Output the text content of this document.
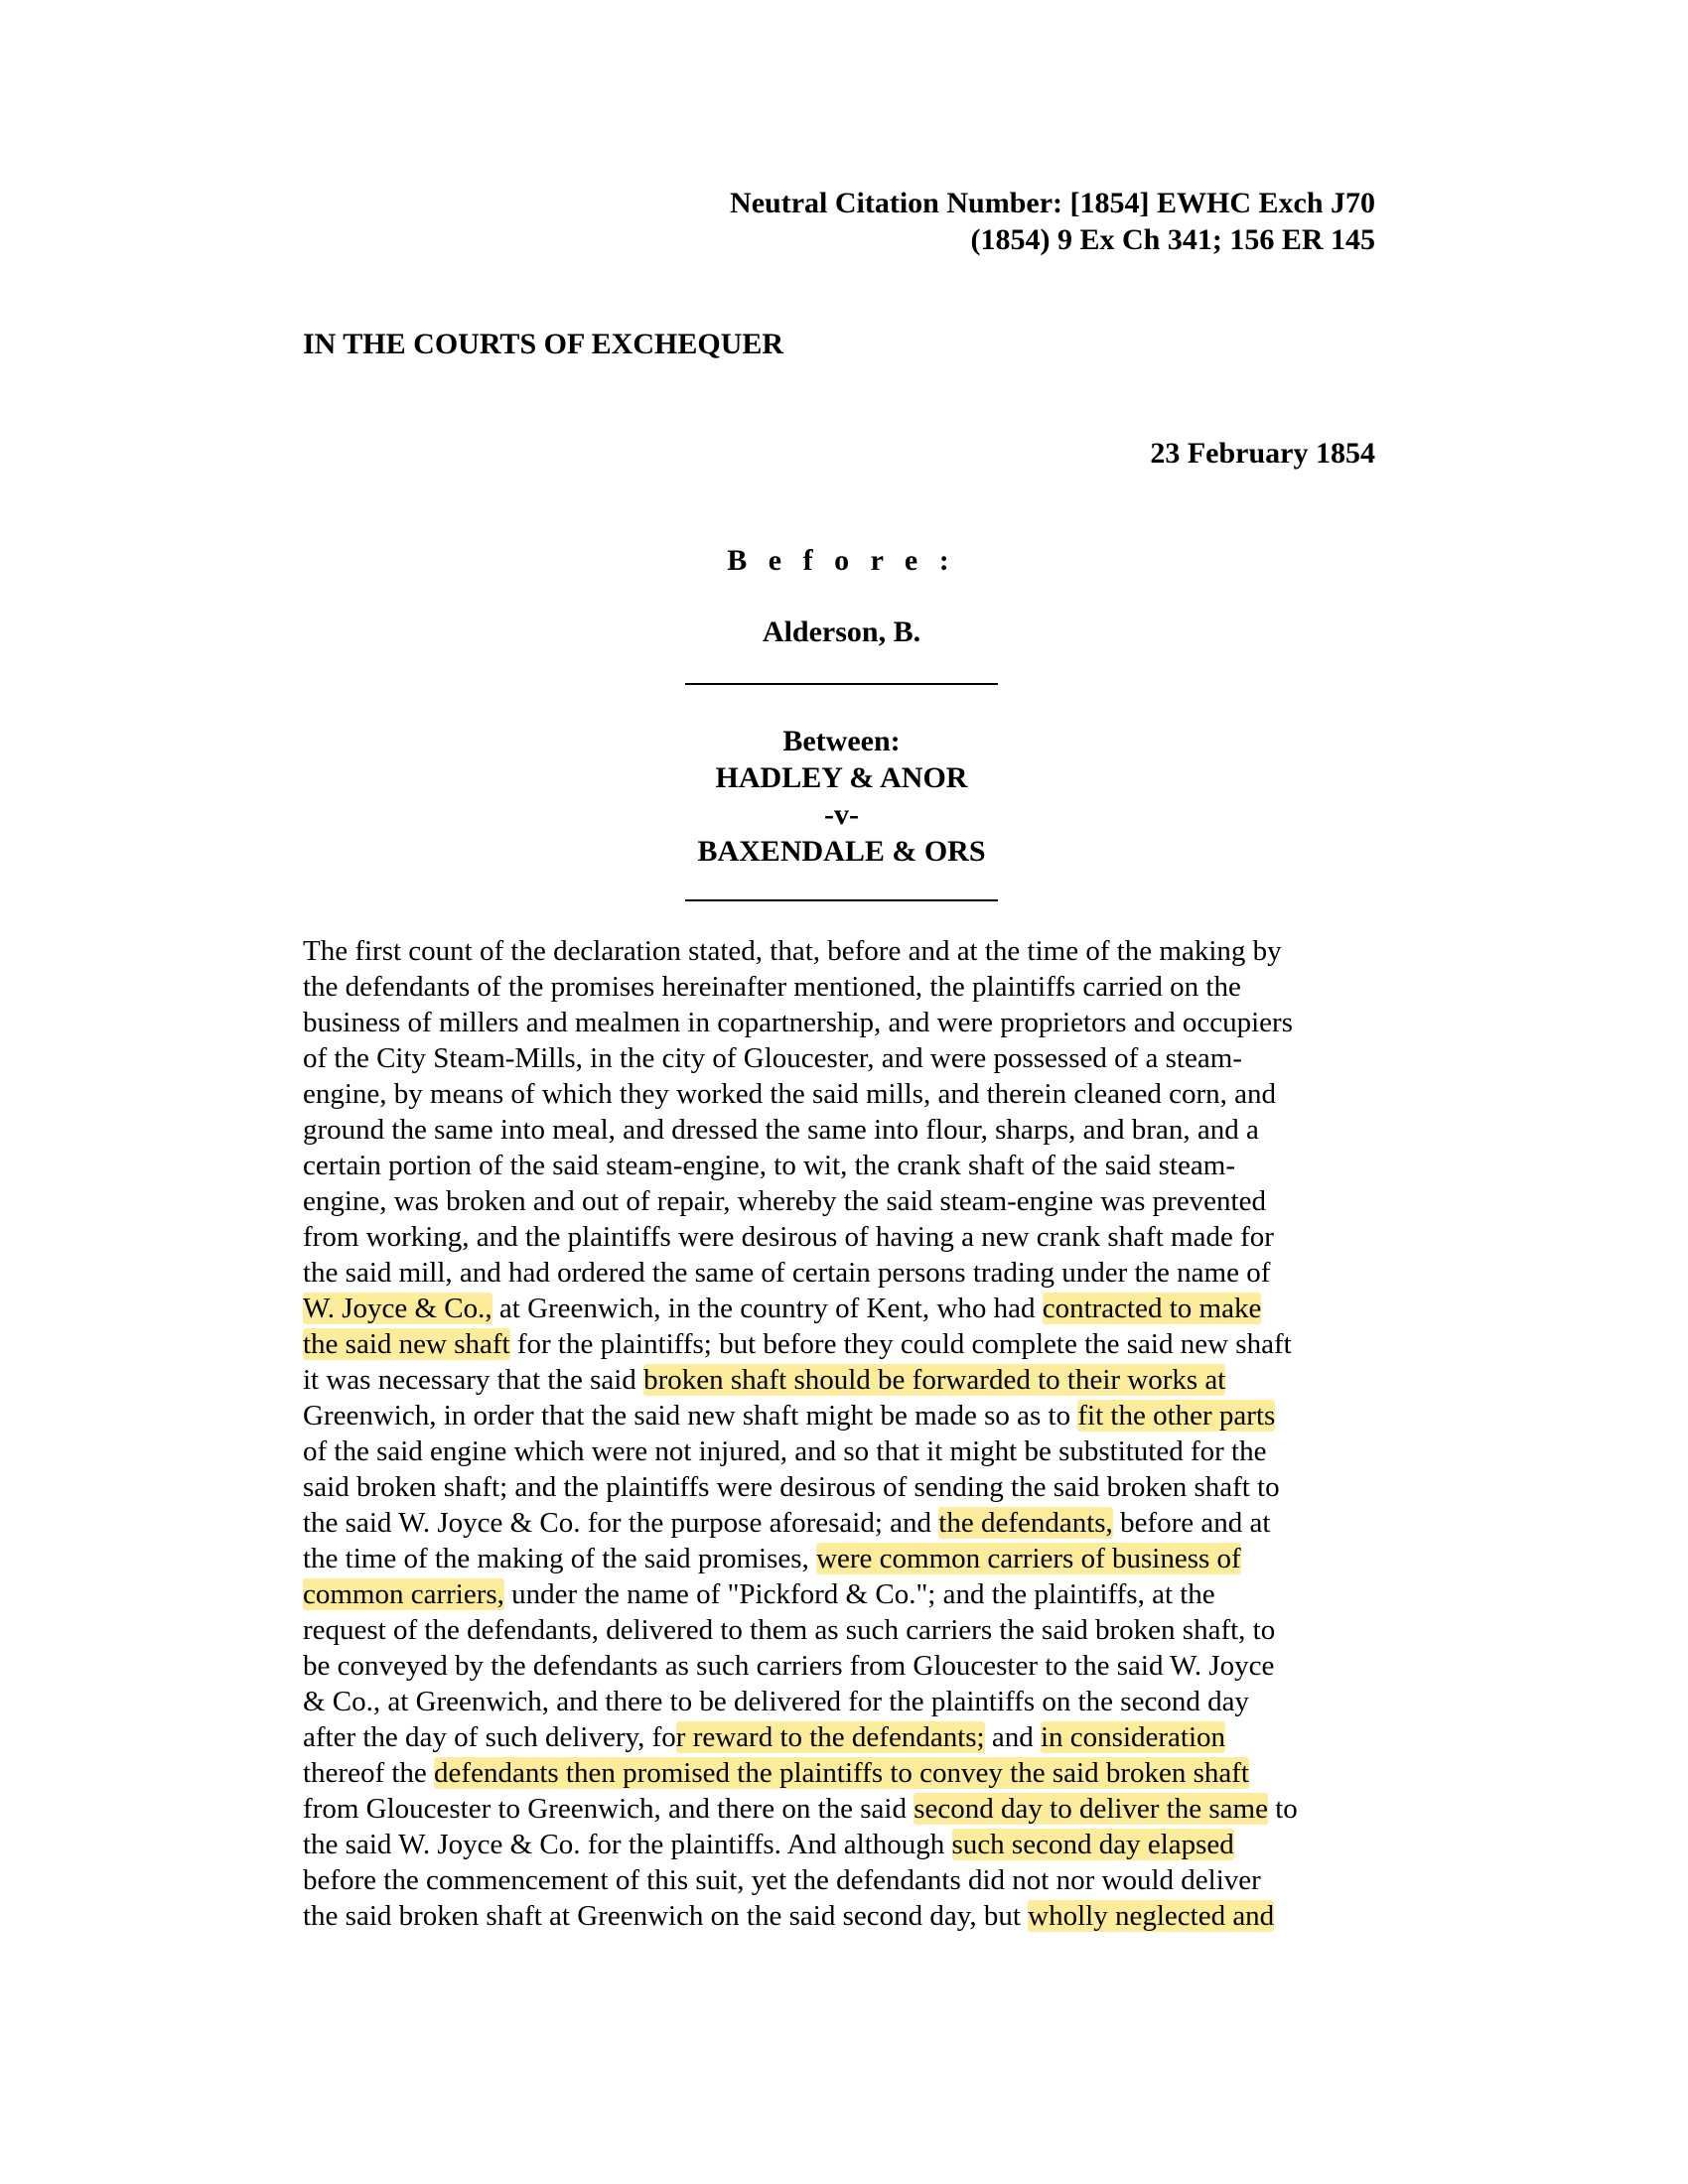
Neutral Citation Number: [1854] EWHC Exch J70
(1854) 9 Ex Ch 341; 156 ER 145
IN THE COURTS OF EXCHEQUER
23 February 1854
B e f o r e :
Alderson, B.
Between:
HADLEY & ANOR
-v-
BAXENDALE & ORS

The first count of the declaration stated, that, before and at the time of the making by
the defendants of the promises hereinafter mentioned, the plaintiffs carried on the
business of millers and mealmen in copartnership, and were proprietors and occupiers
of the City Steam-Mills, in the city of Gloucester, and were possessed of a steam-
engine, by means of which they worked the said mills, and therein cleaned corn, and
ground the same into meal, and dressed the same into flour, sharps, and bran, and a
certain portion of the said steam-engine, to wit, the crank shaft of the said steam-
engine, was broken and out of repair, whereby the said steam-engine was prevented
from working, and the plaintiffs were desirous of having a new crank shaft made for
the said mill, and had ordered the same of certain persons trading under the name of
W. Joyce & Co., at Greenwich, in the country of Kent, who had contracted to make
the said new shaft for the plaintiffs; but before they could complete the said new shaft
it was necessary that the said broken shaft should be forwarded to their works at
Greenwich, in order that the said new shaft might be made so as to fit the other parts
of the said engine which were not injured, and so that it might be substituted for the
said broken shaft; and the plaintiffs were desirous of sending the said broken shaft to
the said W. Joyce & Co. for the purpose aforesaid; and the defendants, before and at
the time of the making of the said promises, were common carriers of business of
common carriers, under the name of "Pickford & Co."; and the plaintiffs, at the
request of the defendants, delivered to them as such carriers the said broken shaft, to
be conveyed by the defendants as such carriers from Gloucester to the said W. Joyce
& Co., at Greenwich, and there to be delivered for the plaintiffs on the second day
after the day of such delivery, for reward to the defendants; and in consideration
thereof the defendants then promised the plaintiffs to convey the said broken shaft
from Gloucester to Greenwich, and there on the said second day to deliver the same to
the said W. Joyce & Co. for the plaintiffs. And although such second day elapsed
before the commencement of this suit, yet the defendants did not nor would deliver
the said broken shaft at Greenwich on the said second day, but wholly neglected and
